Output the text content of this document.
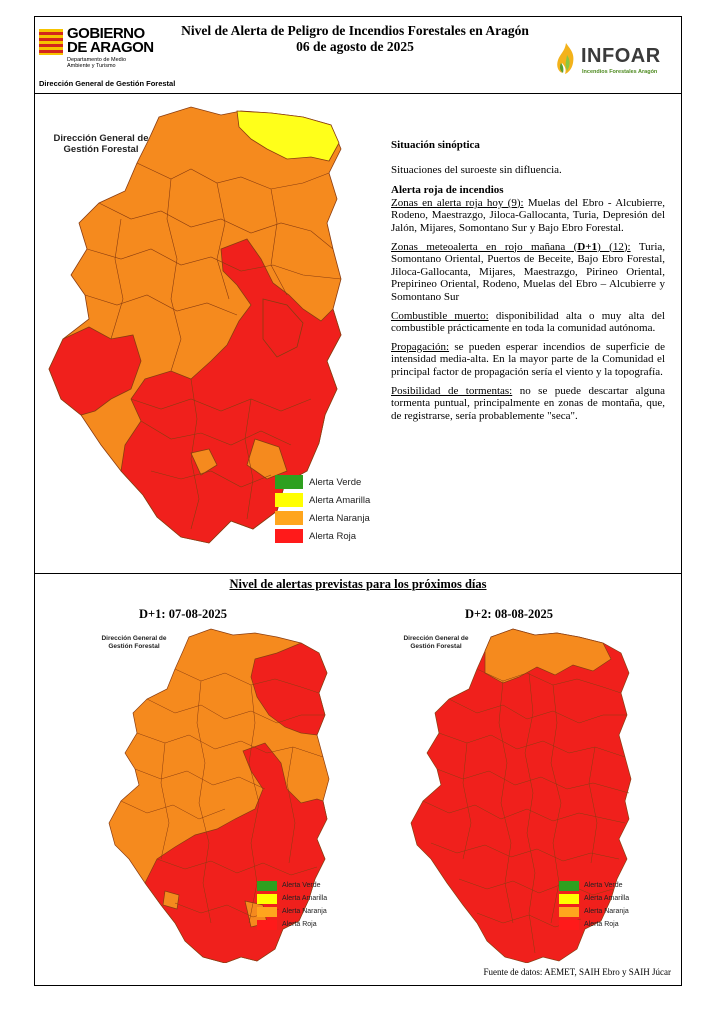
GOBIERNO
DE ARAGON
Departamento de Medio Ambiente y Turismo
Dirección General de Gestión Forestal
Nivel de Alerta de Peligro de Incendios Forestales en Aragón
06 de agosto de 2025	INFOAR
Incendios Forestales Aragón
Dirección General de Gestión Forestal
Alerta Verde
Alerta Amarilla
Alerta Naranja
Alerta Roja

Situación sinóptica

Situaciones del suroeste sin difluencia.

Alerta roja de incendios

Zonas en alerta roja hoy (9): Muelas del Ebro - Alcubierre, Rodeno, Maestrazgo, Jiloca-Gallocanta, Turia, Depresión del Jalón, Mijares, Somontano Sur y Bajo Ebro Forestal.

Zonas meteoalerta en rojo mañana (D+1) (12): Turia, Somontano Oriental, Puertos de Beceite, Bajo Ebro Forestal, Jiloca-Gallocanta, Mijares, Maestrazgo, Pirineo Oriental, Prepirineo Oriental, Rodeno, Muelas del Ebro – Alcubierre y Somontano Sur

Combustible muerto: disponibilidad alta o muy alta del combustible prácticamente en toda la comunidad autónoma.

Propagación: se pueden esperar incendios de superficie de intensidad media-alta. En la mayor parte de la Comunidad el principal factor de propagación sería el viento y la topografía.

Posibilidad de tormentas: no se puede descartar alguna tormenta puntual, principalmente en zonas de montaña, que, de registrarse, sería probablemente "seca".

Nivel de alertas previstas para los próximos días
D+1: 07-08-2025	D+2: 08-08-2025
Dirección General de Gestión Forestal
Alerta Verde
Alerta Amarilla
Alerta Naranja
Alerta Roja
Dirección General de Gestión Forestal
Alerta Verde
Alerta Amarilla
Alerta Naranja
Alerta Roja
Fuente de datos: AEMET, SAIH Ebro y SAIH Júcar
